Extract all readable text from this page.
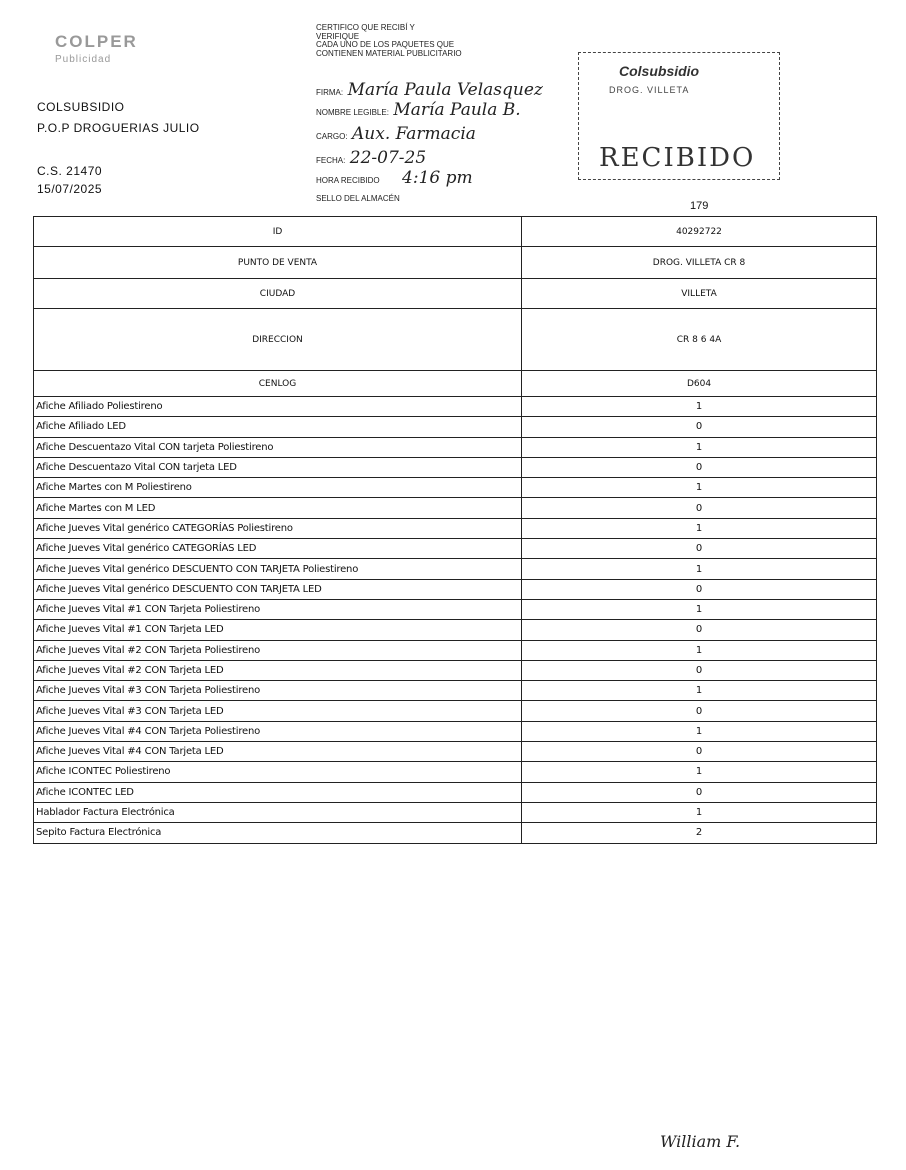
COLPER
Publicidad
COLSUBSIDIO
P.O.P DROGUERIAS JULIO
C.S. 21470
15/07/2025
CERTIFICO QUE RECIBÍ Y
VERIFIQUE
CADA UNO DE LOS PAQUETES QUE
CONTIENEN MATERIAL PUBLICITARIO
FIRMA: María Paula Velasquez
NOMBRE LEGIBLE: María Paula B.
CARGO: Aux. Farmacia
FECHA: 22-07-25
HORA RECIBIDO 4:16 pm
SELLO DEL ALMACÉN
Colsubsidio
DROG. VILLETA
RECIBIDO
179
ID	40292722
PUNTO DE VENTA	DROG. VILLETA CR 8
CIUDAD	VILLETA
DIRECCION	CR 8 6 4A
CENLOG	D604
Afiche Afiliado Poliestireno	1
Afiche Afiliado LED	0
Afiche Descuentazo Vital CON tarjeta Poliestireno	1
Afiche Descuentazo Vital CON tarjeta LED	0
Afiche Martes con M Poliestireno	1
Afiche Martes con M LED	0
Afiche Jueves Vital genérico CATEGORÍAS Poliestireno	1
Afiche Jueves Vital genérico CATEGORÍAS LED	0
Afiche Jueves Vital genérico DESCUENTO CON TARJETA Poliestireno	1
Afiche Jueves Vital genérico DESCUENTO CON TARJETA LED	0
Afiche Jueves Vital #1 CON Tarjeta Poliestireno	1
Afiche Jueves Vital #1 CON Tarjeta LED	0
Afiche Jueves Vital #2 CON Tarjeta Poliestireno	1
Afiche Jueves Vital #2 CON Tarjeta LED	0
Afiche Jueves Vital #3 CON Tarjeta Poliestireno	1
Afiche Jueves Vital #3 CON Tarjeta LED	0
Afiche Jueves Vital #4 CON Tarjeta Poliestireno	1
Afiche Jueves Vital #4 CON Tarjeta LED	0
Afiche ICONTEC Poliestireno	1
Afiche ICONTEC LED	0
Hablador Factura Electrónica	1
Sepito Factura Electrónica	2
William F.
